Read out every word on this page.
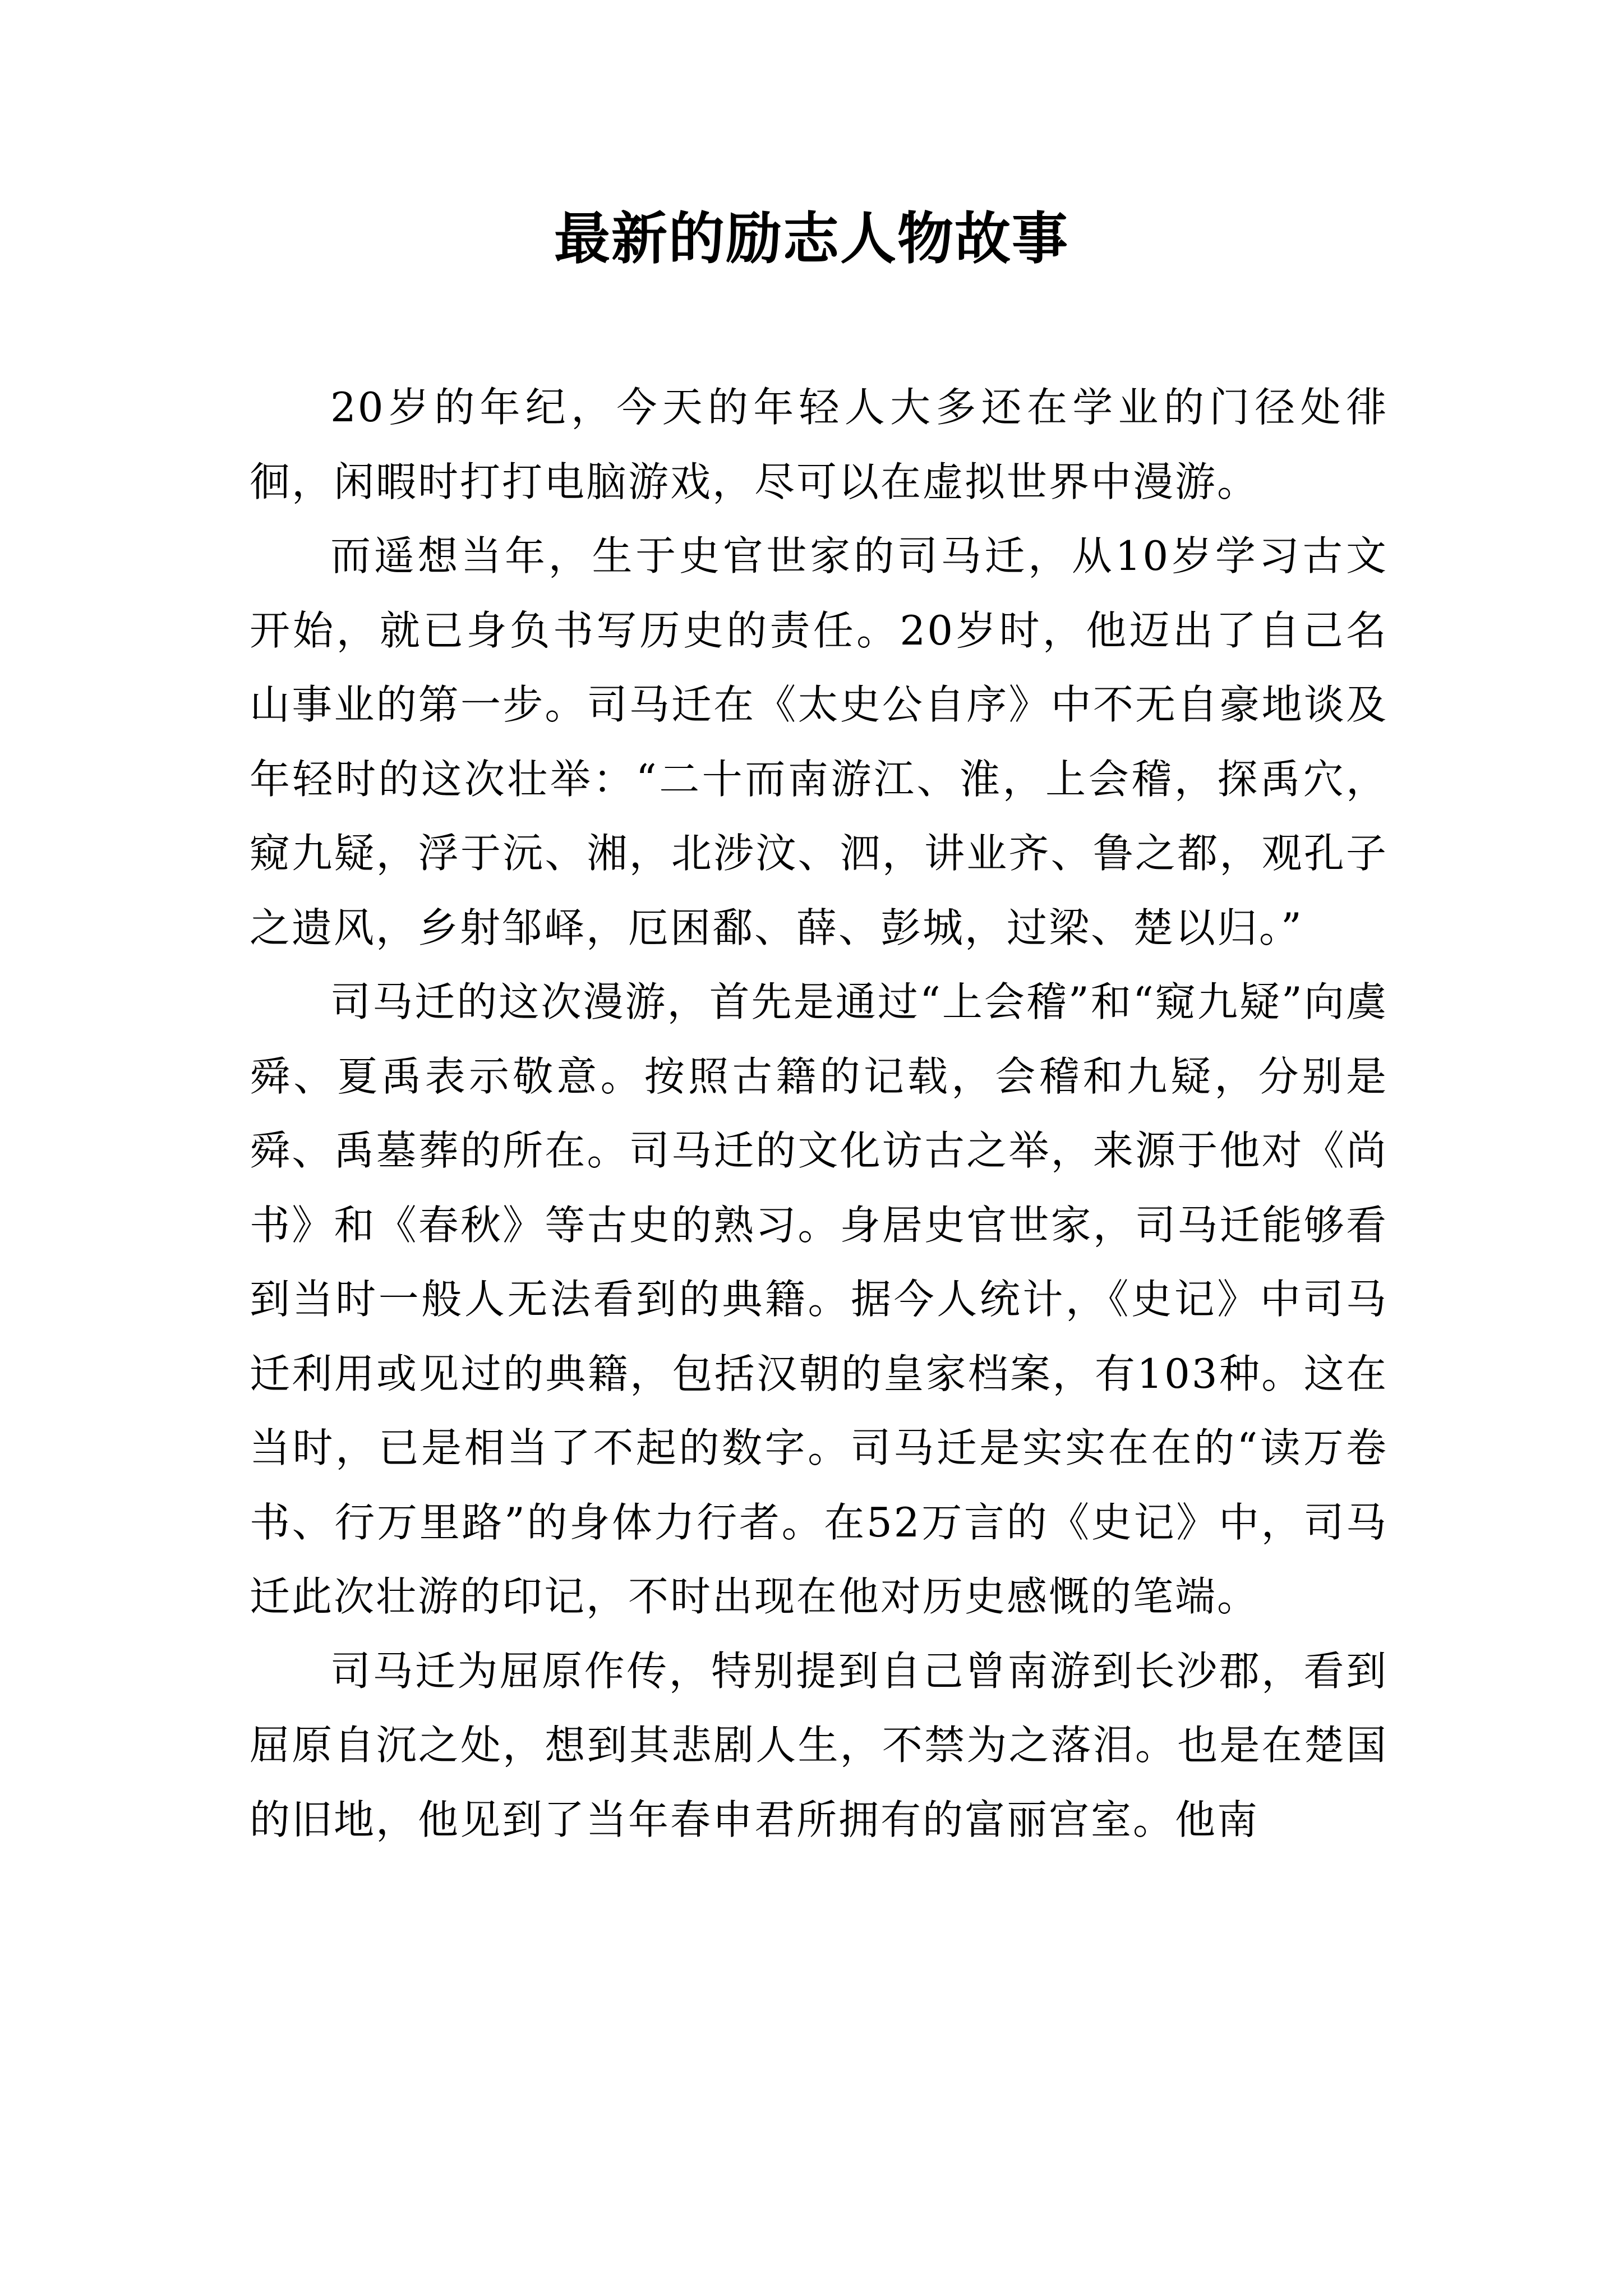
最新的励志人物故事

20岁的年纪，今天的年轻人大多还在学业的门径处徘徊，闲暇时打打电脑游戏，尽可以在虚拟世界中漫游。

而遥想当年，生于史官世家的司马迁，从10岁学习古文开始，就已身负书写历史的责任。20岁时，他迈出了自己名山事业的第一步。司马迁在《太史公自序》中不无自豪地谈及年轻时的这次壮举：“二十而南游江、淮，上会稽，探禹穴，窥九疑，浮于沅、湘，北涉汶、泗，讲业齐、鲁之都，观孔子之遗风，乡射邹峄，厄困鄱、薛、彭城，过梁、楚以归。”

司马迁的这次漫游，首先是通过“上会稽”和“窥九疑”向虞舜、夏禹表示敬意。按照古籍的记载，会稽和九疑，分别是舜、禹墓葬的所在。司马迁的文化访古之举，来源于他对《尚书》和《春秋》等古史的熟习。身居史官世家，司马迁能够看到当时一般人无法看到的典籍。据今人统计，《史记》中司马迁利用或见过的典籍，包括汉朝的皇家档案，有103种。这在当时，已是相当了不起的数字。司马迁是实实在在的“读万卷书、行万里路”的身体力行者。在52万言的《史记》中，司马迁此次壮游的印记，不时出现在他对历史感慨的笔端。

司马迁为屈原作传，特别提到自己曾南游到长沙郡，看到屈原自沉之处，想到其悲剧人生，不禁为之落泪。也是在楚国的旧地，他见到了当年春申君所拥有的富丽宫室。他南
